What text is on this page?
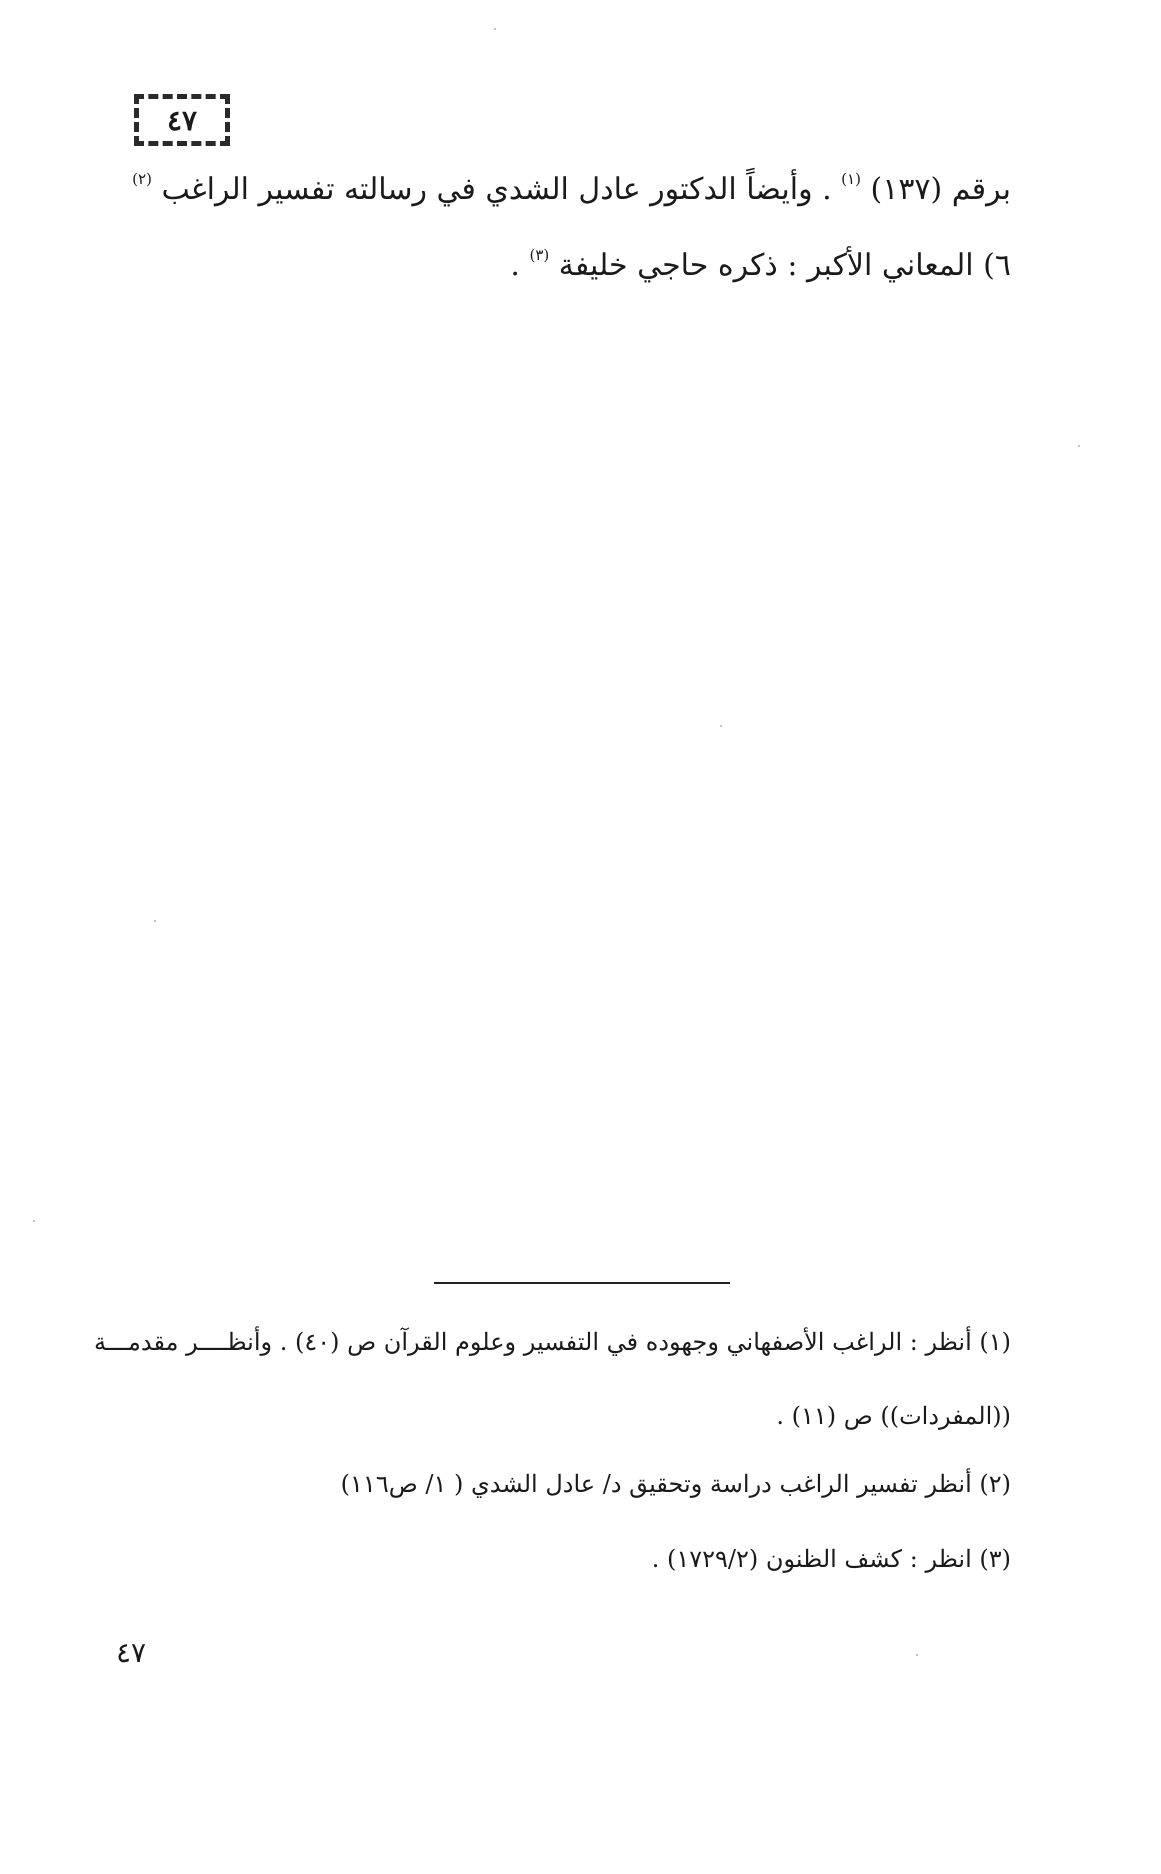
٤٧
برقم (١٣٧) $^{(١)}$ . وأيضاً الدكتور عادل الشدي في رسالته تفسير الراغب $^{(٢)}$
٦) المعاني الأكبر : ذكره حاجي خليفة $^{(٣)}$ .
(١) أنظر : الراغب الأصفهاني وجهوده في التفسير وعلوم القرآن ص (٤٠) . وأنظــــر مقدمـــة
((المفردات)) ص (١١) .
(٢) أنظر تفسير الراغب دراسة وتحقيق د/ عادل الشدي ( ١/ ص١١٦)
(٣) انظر : كشف الظنون (١٧٢٩/٢) .
٤٧
